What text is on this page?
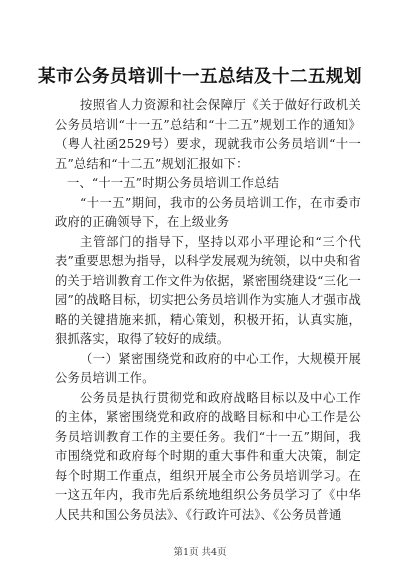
某市公务员培训十一五总结及十二五规划

按照省人力资源和社会保障厅《关于做好行政机关公务员培训“十一五”总结和“十二五”规划工作的通知》（粤人社函2529号）要求，现就我市公务员培训“十一五”总结和“十二五”规划汇报如下：

一、“十一五”时期公务员培训工作总结

“十一五”期间，我市的公务员培训工作，在市委市政府的正确领导下，在上级业务

主管部门的指导下，坚持以邓小平理论和“三个代表”重要思想为指导，以科学发展观为统领，以中央和省的关于培训教育工作文件为依据，紧密围绕建设“三化一园”的战略目标，切实把公务员培训作为实施人才强市战略的关键措施来抓，精心策划，积极开拓，认真实施，狠抓落实，取得了较好的成绩。

（一）紧密围绕党和政府的中心工作，大规模开展公务员培训工作。

公务员是执行贯彻党和政府战略目标以及中心工作的主体，紧密围绕党和政府的战略目标和中心工作是公务员培训教育工作的主要任务。我们“十一五”期间，我市围绕党和政府每个时期的重大事件和重大决策，制定每个时期工作重点，组织开展全市公务员培训学习。在一这五年内，我市先后系统地组织公务员学习了《中华人民共和国公务员法》、《行政许可法》、《公务员普通

第1页 共4页
